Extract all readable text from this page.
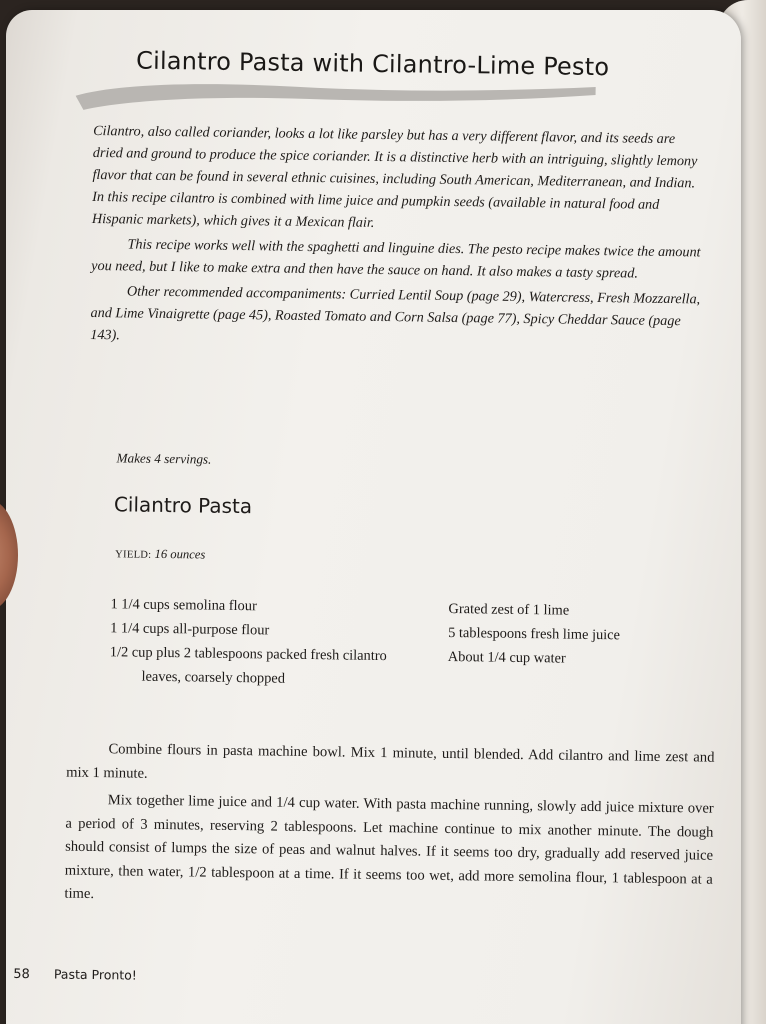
Cilantro Pasta with Cilantro-Lime Pesto

Cilantro, also called coriander, looks a lot like parsley but has a very different flavor, and its seeds are dried and ground to produce the spice coriander. It is a distinctive herb with an intriguing, slightly lemony flavor that can be found in several ethnic cuisines, including South American, Mediterranean, and Indian. In this recipe cilantro is combined with lime juice and pumpkin seeds (available in natural food and Hispanic markets), which gives it a Mexican flair.

This recipe works well with the spaghetti and linguine dies. The pesto recipe makes twice the amount you need, but I like to make extra and then have the sauce on hand. It also makes a tasty spread.

Other recommended accompaniments: Curried Lentil Soup (page 29), Watercress, Fresh Mozzarella, and Lime Vinaigrette (page 45), Roasted Tomato and Corn Salsa (page 77), Spicy Cheddar Sauce (page 143).

Makes 4 servings.

Cilantro Pasta

YIELD: 16 ounces

1 1/4 cups semolina flour
1 1/4 cups all-purpose flour
1/2 cup plus 2 tablespoons packed fresh cilantro leaves, coarsely chopped
Grated zest of 1 lime
5 tablespoons fresh lime juice
About 1/4 cup water

Combine flours in pasta machine bowl. Mix 1 minute, until blended. Add cilantro and lime zest and mix 1 minute.

Mix together lime juice and 1/4 cup water. With pasta machine running, slowly add juice mixture over a period of 3 minutes, reserving 2 tablespoons. Let machine continue to mix another minute. The dough should consist of lumps the size of peas and walnut halves. If it seems too dry, gradually add reserved juice mixture, then water, 1/2 tablespoon at a time. If it seems too wet, add more semolina flour, 1 tablespoon at a time.

58 Pasta Pronto!
